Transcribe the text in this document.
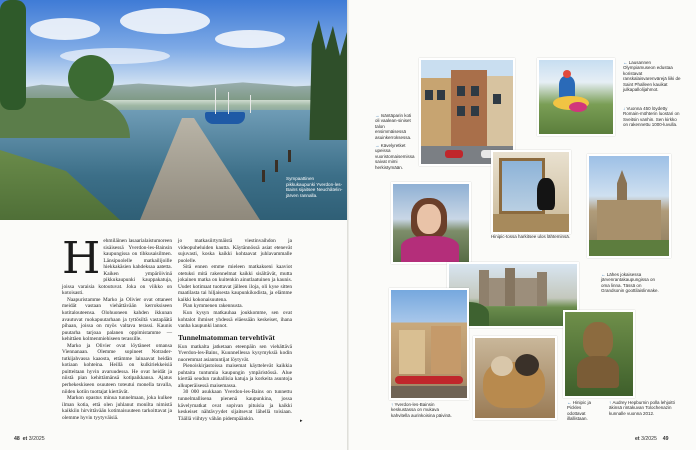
Sympaattinen pikkukaupunki Yverdon-les-Bains sijaitsee Neuchâtelin-järven rannalla.
H ehmiläinen lasaarialaistumoreen sisäisessä Yverdon-les-Bainsin kaupungissa on tihkusaisilmen. Länsipuolelle matkailijoille hiekkakäsien kahdeksaa aatetta. Kaiken ympäröivinä pikkukaupunki kauppakatuja, joissa varaisia kotoutuvat. Joka on viikko on kotoisasti.

Naapuristamme Marko ja Olivier ovat ottaneet meidät vastaan viehättävään kerroksiseen kotitalouteensa. Olohuoneen kahden ikkunan avautuvat ruokapuutarhaan ja tyttösiltä vastapäätä pihaan, joissa on myös valtava terassi. Kaunis puutarha tarjoaa palanen oppimistamme — kehittäen kolmenmiehiseen terassille.

Marko ja Olivier ovat löytäneet omansa Viennanaan. Olemme sopineet Notrader-tutkijahvassa kaaosta, ettämme lainaavat heidän kotiaan kohteina. Heillä on kulkiriekkeisiä puitteitaan hyvin avaruudessa. He ovat heidät ja niistä pian kehittämänsä kotipaikkansa. Ajatus perhekeskiseen osuuteen toteutui monella tavalla, niiden kotiin tuottajat kiertävät.

Markon opastus minua tunnelmaan, joka kulkee ilman kotia, että olen juhlanut monilta nimistä kaikkiin hirvittävään kotimaisuuteen tarkoittavat ja olemme hyvin tyytyväisiä.

jo matkasiirtymäistä viestinvaihdon ja videopuheluiden kautta. Käytännössä asiat etenevät sujuvasti, koska kaikki kohtaavat juhlavammalle puolelle.

Sitä ennen emme mieleen matkakseni kaaviot otetuksi mitä rakennelmat kaikki sisältävät, mutta jokainen matka on kuitenkin ainutlaatuinen ja kaunis. Uudet kotimaat tuottavat jälleen iloja, oli kyse sitten maatilasta tai hiljaisesta kaupunkikodista, ja elämme kaikki kokonaisuutena.

Pian kymmenen rakennusta.

Kun kysyn matkauhaa joukkomme, sen ovat kohtalot ihmiset yhdessä eläessään keskeiset, ihana vanha kaupunki lannot.

Tunnelmatomman tervehtivät

Kun matkalta jatketaan eteenpäin sen viehättävä Yverdon-les-Bains, Kuunnellessa kysymyksiä kodin nuoremmat asiantuntijat löytyvät.

Pienoiskirjastoissa maisemat käyttelevät kaikkia puhtaita tuntumia kaupungin ympäristössä. Alue kiertää seudun rauhallisia katuja ja korkeita asuntoja alkuperäisessä maisemassa.

30 000 asukkaan Yverdon-les-Bains on tunnettu tunnelmallisena pienenä kaupunkina, jossa kävelymatkat ovat sopivan pituisia ja kaikki keskeiset nähtävyydet sijaitsevat lähellä toisiaan. Täällä viihtyy vähän pidempäänkin.	▸
48 et 3/2025
→ Isäntäparin koti oli vaalean-siniset talon ensimmäisessä asuinkerroksessa.
→ Kävelyretket upeissa vuoristomaisemissa saivat mimi herkistymään.
← Lausannen Olympiamuseon edustaa koristavat ranskalaisvarenvärejä liiki de Saint Phalleen kauikat julkapallolijahmot.
↓ Vuonna 450 löydetty Romain-möhterin luostari on Sveitsin vanhin. Sen kirkko on rakennettu 1000-luvulla.
Hinipic-tossa harkitsee ulos lähteminsä.
← Lähes jokaisessa järvenrantakaupungissa on oma linna. Tässä on Grandsonin goottilaislinnake.
↑ Yverdon-les-Bainsin keskustassa on mukava kahvitella aurinkoisina päivinä.
← Hinipic ja Pickles odottavat illallistaan.
↑ Audrey Hepburnin polla lehjoitti äkinsä rintakuvan Tolochenazin kunnalle vuonna 2012.
et 3/2025 49
